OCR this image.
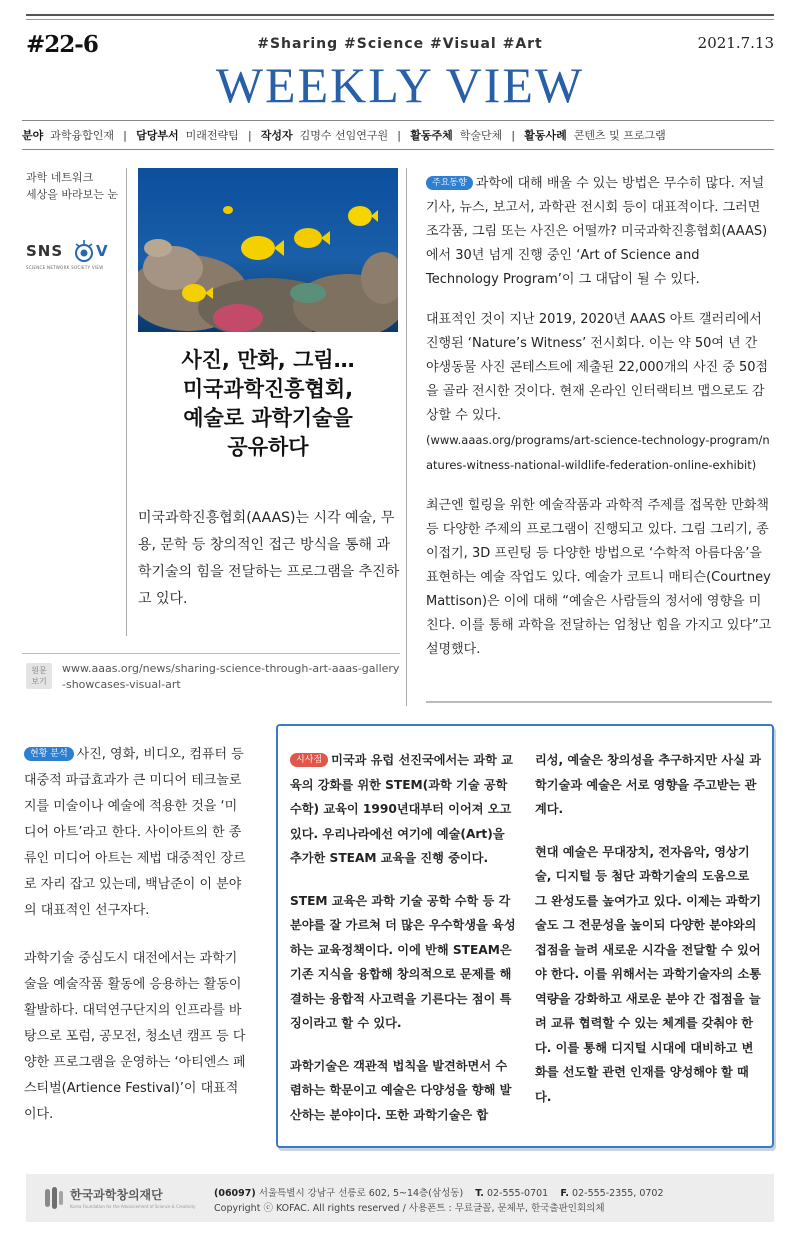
#22-6	#Sharing #Science #Visual #Art	2021.7.13
WEEKLY VIEW
분야 과학융합인재 | 담당부서 미래전략팀 | 작성자 김명수 선임연구원 | 활동주체 학술단체 | 활동사례 콘텐츠 및 프로그램
과학 네트워크
세상을 바라보는 눈
SNS V
SCIENCE NETWORK SOCIETY VIEW
사진, 만화, 그림…
미국과학진흥협회,
예술로 과학기술을
공유하다
미국과학진흥협회(AAAS)는 시각 예술, 무용, 문학 등 창의적인 접근 방식을 통해 과학기술의 힘을 전달하는 프로그램을 추진하고 있다.
원문
보기
www.aaas.org/news/sharing-science-through-art-aaas-gallery-showcases-visual-art

주요동향 과학에 대해 배울 수 있는 방법은 무수히 많다. 저널 기사, 뉴스, 보고서, 과학관 전시회 등이 대표적이다. 그러면 조각품, 그림 또는 사진은 어떨까? 미국과학진흥협회(AAAS)에서 30년 넘게 진행 중인 ‘Art of Science and Technology Program’이 그 대답이 될 수 있다.

대표적인 것이 지난 2019, 2020년 AAAS 아트 갤러리에서 진행된 ‘Nature’s Witness’ 전시회다. 이는 약 50여 년 간 야생동물 사진 콘테스트에 제출된 22,000개의 사진 중 50점을 골라 전시한 것이다. 현재 온라인 인터랙티브 맵으로도 감상할 수 있다.
(www.aaas.org/programs/art-science-technology-program/natures-witness-national-wildlife-federation-online-exhibit)

최근엔 힐링을 위한 예술작품과 과학적 주제를 접목한 만화책 등 다양한 주제의 프로그램이 진행되고 있다. 그림 그리기, 종이접기, 3D 프린팅 등 다양한 방법으로 ‘수학적 아름다움’을 표현하는 예술 작업도 있다. 예술가 코트니 매티슨(Courtney Mattison)은 이에 대해 “예술은 사람들의 정서에 영향을 미친다. 이를 통해 과학을 전달하는 엄청난 힘을 가지고 있다”고 설명했다.

현황 분석 사진, 영화, 비디오, 컴퓨터 등 대중적 파급효과가 큰 미디어 테크놀로지를 미술이나 예술에 적용한 것을 ‘미디어 아트’라고 한다. 사이아트의 한 종류인 미디어 아트는 제법 대중적인 장르로 자리 잡고 있는데, 백남준이 이 분야의 대표적인 선구자다.

과학기술 중심도시 대전에서는 과학기술을 예술작품 활동에 응용하는 활동이 활발하다. 대덕연구단지의 인프라를 바탕으로 포럼, 공모전, 청소년 캠프 등 다양한 프로그램을 운영하는 ‘아티엔스 페스티벌(Artience Festival)’이 대표적이다.

시사점 미국과 유럽 선진국에서는 과학 교육의 강화를 위한 STEM(과학 기술 공학 수학) 교육이 1990년대부터 이어져 오고 있다. 우리나라에선 여기에 예술(Art)을 추가한 STEAM 교육을 진행 중이다.

STEM 교육은 과학 기술 공학 수학 등 각 분야를 잘 가르쳐 더 많은 우수학생을 육성하는 교육정책이다. 이에 반해 STEAM은 기존 지식을 융합해 창의적으로 문제를 해결하는 융합적 사고력을 기른다는 점이 특징이라고 할 수 있다.

과학기술은 객관적 법칙을 발견하면서 수렴하는 학문이고 예술은 다양성을 향해 발산하는 분야이다. 또한 과학기술은 합

리성, 예술은 창의성을 추구하지만 사실 과학기술과 예술은 서로 영향을 주고받는 관계다.

현대 예술은 무대장치, 전자음악, 영상기술, 디지털 등 첨단 과학기술의 도움으로 그 완성도를 높여가고 있다. 이제는 과학기술도 그 전문성을 높이되 다양한 분야와의 접점을 늘려 새로운 시각을 전달할 수 있어야 한다. 이를 위해서는 과학기술자의 소통 역량을 강화하고 새로운 분야 간 접점을 늘려 교류 협력할 수 있는 체계를 갖춰야 한다. 이를 통해 디지털 시대에 대비하고 변화를 선도할 관련 인재를 양성해야 할 때다.

한국과학창의재단
Korea Foundation for the Advancement of Science & Creativity
(06097) 서울특별시 강남구 선릉로 602, 5~14층(삼성동) T. 02-555-0701 F. 02-555-2355, 0702
Copyright ⓒ KOFAC. All rights reserved / 사용폰트 : 무료글꼴, 문체부, 한국출판인회의체
